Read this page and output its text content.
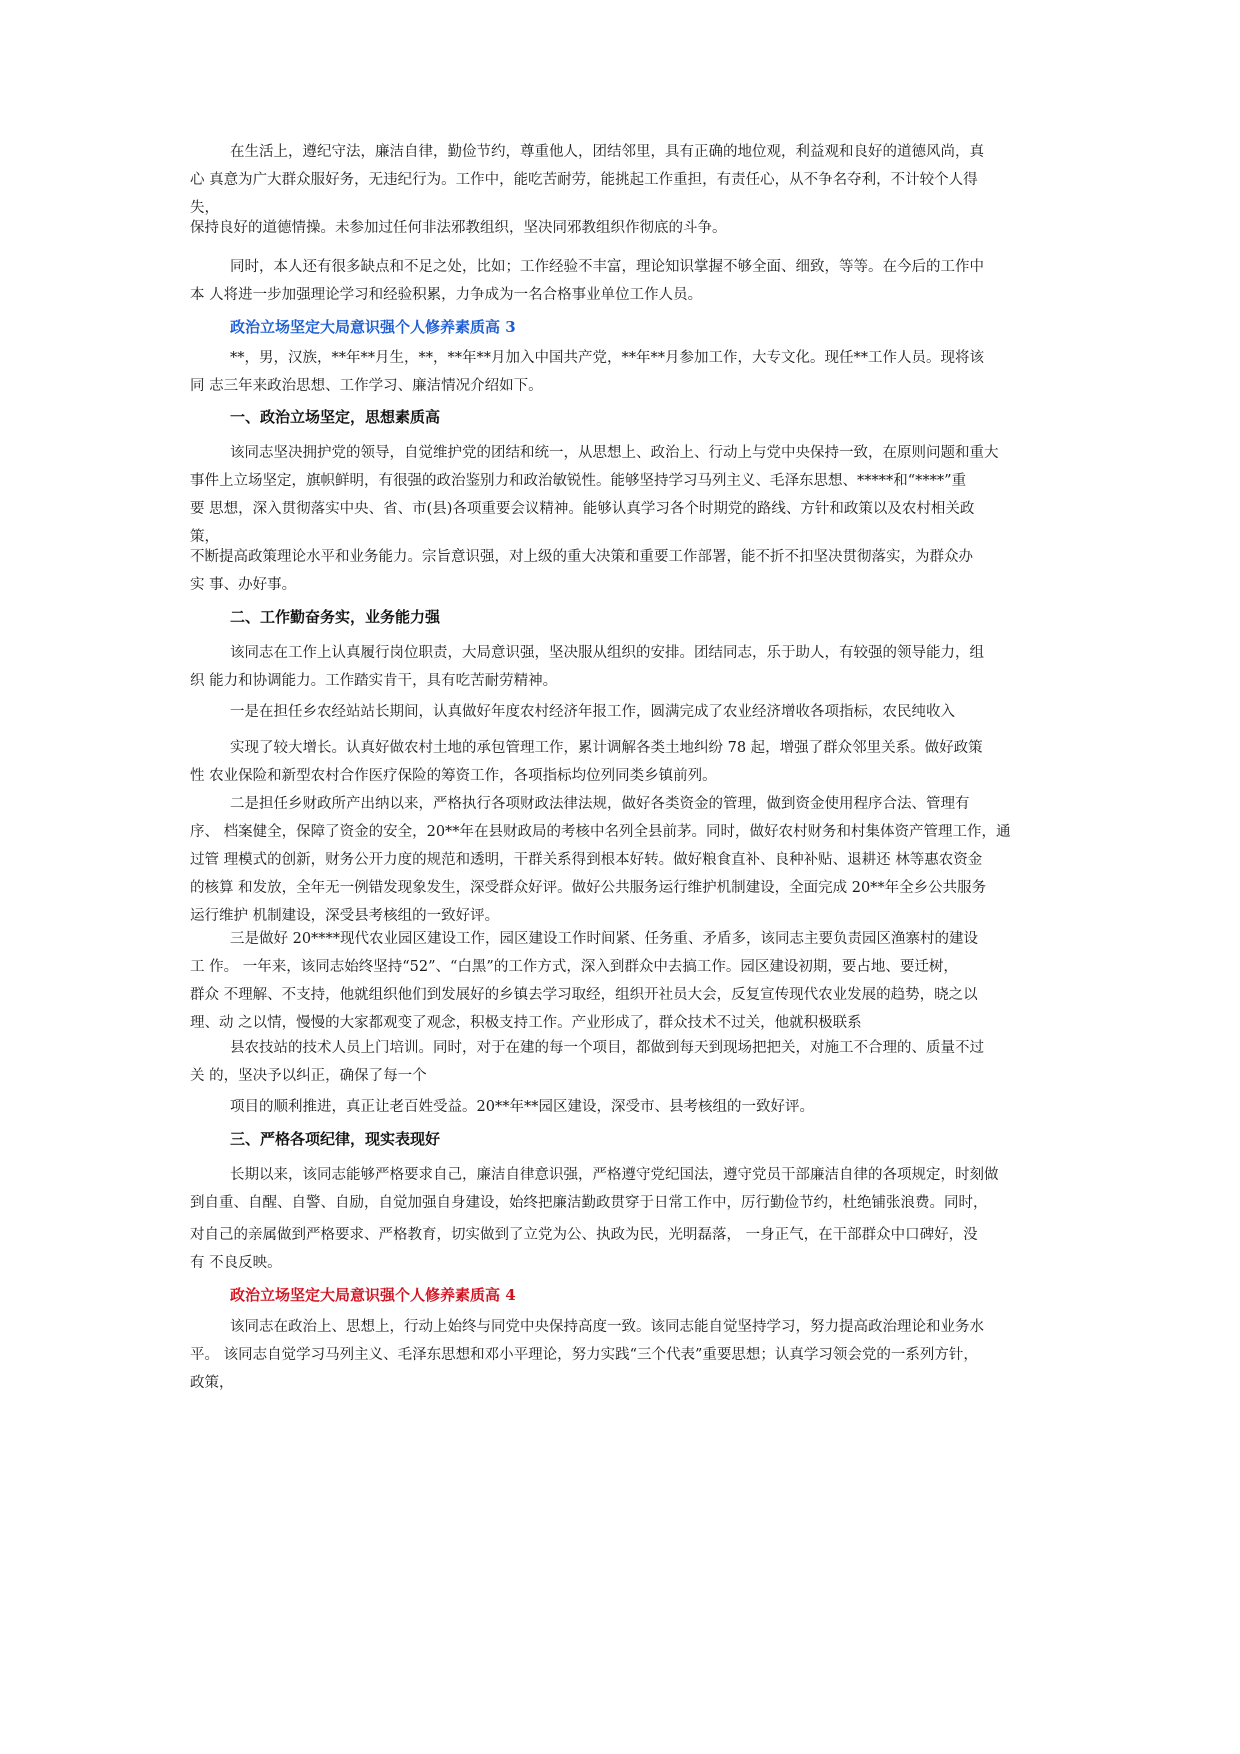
在生活上，遵纪守法，廉洁自律，勤俭节约，尊重他人，团结邻里，具有正确的地位观，利益观和良好的道德风尚，真
心 真意为广大群众服好务，无违纪行为。工作中，能吃苦耐劳，能挑起工作重担，有责任心，从不争名夺利，不计较个人得
失，
保持良好的道德情操。未参加过任何非法邪教组织，坚决同邪教组织作彻底的斗争。
同时，本人还有很多缺点和不足之处，比如；工作经验不丰富，理论知识掌握不够全面、细致，等等。在今后的工作中
本 人将进一步加强理论学习和经验积累，力争成为一名合格事业单位工作人员。
政治立场坚定大局意识强个人修养素质高 3
**，男，汉族，**年**月生，**，**年**月加入中国共产党，**年**月参加工作，大专文化。现任**工作人员。现将该
同 志三年来政治思想、工作学习、廉洁情况介绍如下。
一、政治立场坚定，思想素质高
该同志坚决拥护党的领导，自觉维护党的团结和统一，从思想上、政治上、行动上与党中央保持一致，在原则问题和重大
事件上立场坚定，旗帜鲜明，有很强的政治鉴别力和政治敏锐性。能够坚持学习马列主义、毛泽东思想、*****和“****”重
要 思想，深入贯彻落实中央、省、市(县)各项重要会议精神。能够认真学习各个时期党的路线、方针和政策以及农村相关政
策，
不断提高政策理论水平和业务能力。宗旨意识强，对上级的重大决策和重要工作部署，能不折不扣坚决贯彻落实，为群众办
实 事、办好事。
二、工作勤奋务实，业务能力强
该同志在工作上认真履行岗位职责，大局意识强，坚决服从组织的安排。团结同志，乐于助人，有较强的领导能力，组
织 能力和协调能力。工作踏实肯干，具有吃苦耐劳精神。
一是在担任乡农经站站长期间，认真做好年度农村经济年报工作，圆满完成了农业经济增收各项指标，农民纯收入
实现了较大增长。认真好做农村土地的承包管理工作，累计调解各类土地纠纷 78 起，增强了群众邻里关系。做好政策
性 农业保险和新型农村合作医疗保险的筹资工作，各项指标均位列同类乡镇前列。
二是担任乡财政所产出纳以来，严格执行各项财政法律法规，做好各类资金的管理，做到资金使用程序合法、管理有
序、 档案健全，保障了资金的安全，20**年在县财政局的考核中名列全县前茅。同时，做好农村财务和村集体资产管理工作，通
过管 理模式的创新，财务公开力度的规范和透明，干群关系得到根本好转。做好粮食直补、良种补贴、退耕还 林等惠农资金
的核算 和发放，全年无一例错发现象发生，深受群众好评。做好公共服务运行维护机制建设，全面完成 20**年全乡公共服务
运行维护 机制建设，深受县考核组的一致好评。
三是做好 20****现代农业园区建设工作，园区建设工作时间紧、任务重、矛盾多，该同志主要负责园区渔寨村的建设
工 作。 一年来，该同志始终坚持“52”、“白黑”的工作方式，深入到群众中去搞工作。园区建设初期，要占地、要迁树，
群众 不理解、不支持，他就组织他们到发展好的乡镇去学习取经，组织开社员大会，反复宣传现代农业发展的趋势，晓之以
理、动 之以情，慢慢的大家都观变了观念，积极支持工作。产业形成了，群众技术不过关，他就积极联系
县农技站的技术人员上门培训。同时，对于在建的每一个项目，都做到每天到现场把把关，对施工不合理的、质量不过
关 的，坚决予以纠正，确保了每一个
项目的顺利推进，真正让老百姓受益。20**年**园区建设，深受市、县考核组的一致好评。
三、严格各项纪律，现实表现好
长期以来，该同志能够严格要求自己，廉洁自律意识强，严格遵守党纪国法，遵守党员干部廉洁自律的各项规定，时刻做
到自重、自醒、自警、自励，自觉加强自身建设，始终把廉洁勤政贯穿于日常工作中，厉行勤俭节约，杜绝铺张浪费。同时，
对自己的亲属做到严格要求、严格教育，切实做到了立党为公、执政为民，光明磊落， 一身正气，在干部群众中口碑好，没
有 不良反映。
政治立场坚定大局意识强个人修养素质高 4
该同志在政治上、思想上，行动上始终与同党中央保持高度一致。该同志能自觉坚持学习，努力提高政治理论和业务水
平。 该同志自觉学习马列主义、毛泽东思想和邓小平理论，努力实践“三个代表”重要思想；认真学习领会党的一系列方针，
政策，
